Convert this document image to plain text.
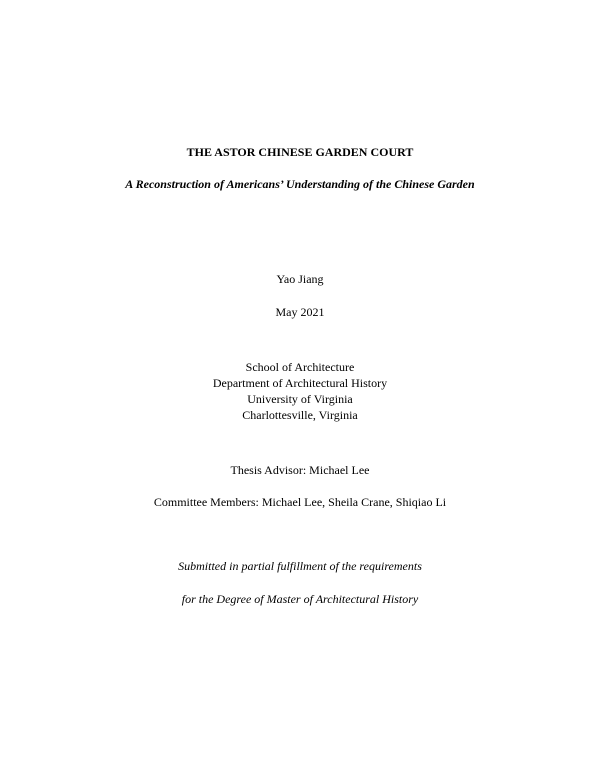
THE ASTOR CHINESE GARDEN COURT
A Reconstruction of Americans’ Understanding of the Chinese Garden
Yao Jiang
May 2021
School of Architecture
Department of Architectural History
University of Virginia
Charlottesville, Virginia
Thesis Advisor: Michael Lee
Committee Members: Michael Lee, Sheila Crane, Shiqiao Li
Submitted in partial fulfillment of the requirements
for the Degree of Master of Architectural History
